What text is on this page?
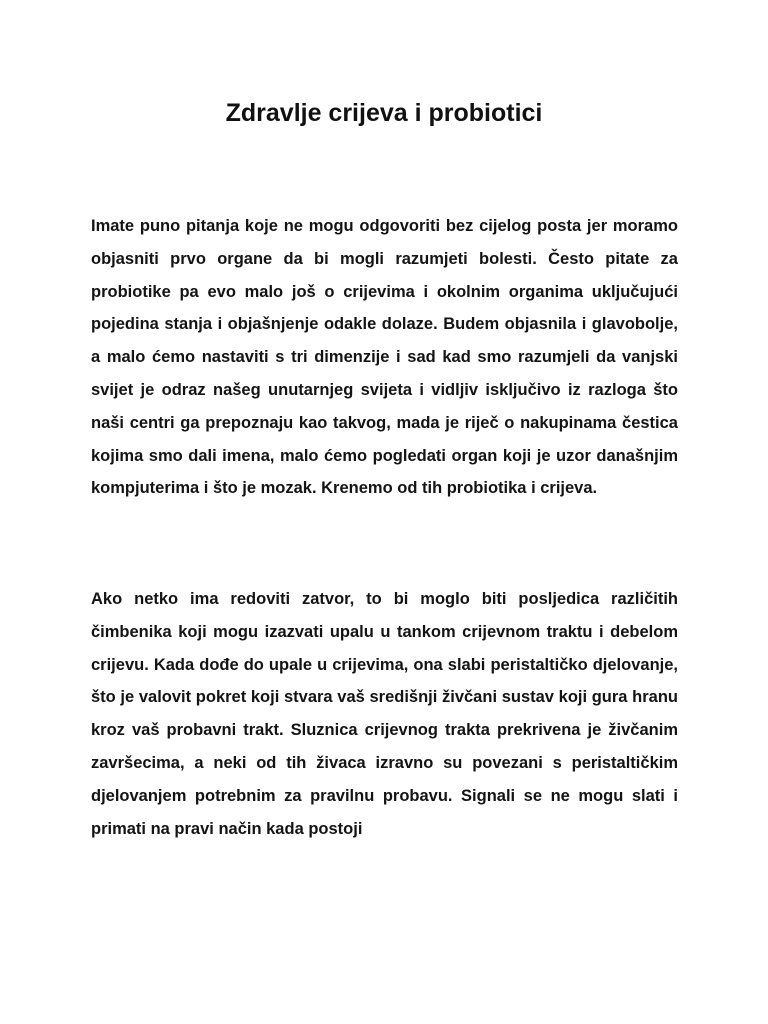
Zdravlje crijeva i probiotici

Imate puno pitanja koje ne mogu odgovoriti bez cijelog posta jer moramo objasniti prvo organe da bi mogli razumjeti bolesti. Često pitate za probiotike pa evo malo još o crijevima i okolnim organima uključujući pojedina stanja i objašnjenje odakle dolaze. Budem objasnila i glavobolje, a malo ćemo nastaviti s tri dimenzije i sad kad smo razumjeli da vanjski svijet je odraz našeg unutarnjeg svijeta i vidljiv isključivo iz razloga što naši centri ga prepoznaju kao takvog, mada je riječ o nakupinama čestica kojima smo dali imena, malo ćemo pogledati organ koji je uzor današnjim kompjuterima i što je mozak. Krenemo od tih probiotika i crijeva.

Ako netko ima redoviti zatvor, to bi moglo biti posljedica različitih čimbenika koji mogu izazvati upalu u tankom crijevnom traktu i debelom crijevu. Kada dođe do upale u crijevima, ona slabi peristaltičko djelovanje, što je valovit pokret koji stvara vaš središnji živčani sustav koji gura hranu kroz vaš probavni trakt. Sluznica crijevnog trakta prekrivena je živčanim završecima, a neki od tih živaca izravno su povezani s peristaltičkim djelovanjem potrebnim za pravilnu probavu. Signali se ne mogu slati i primati na pravi način kada postoji
